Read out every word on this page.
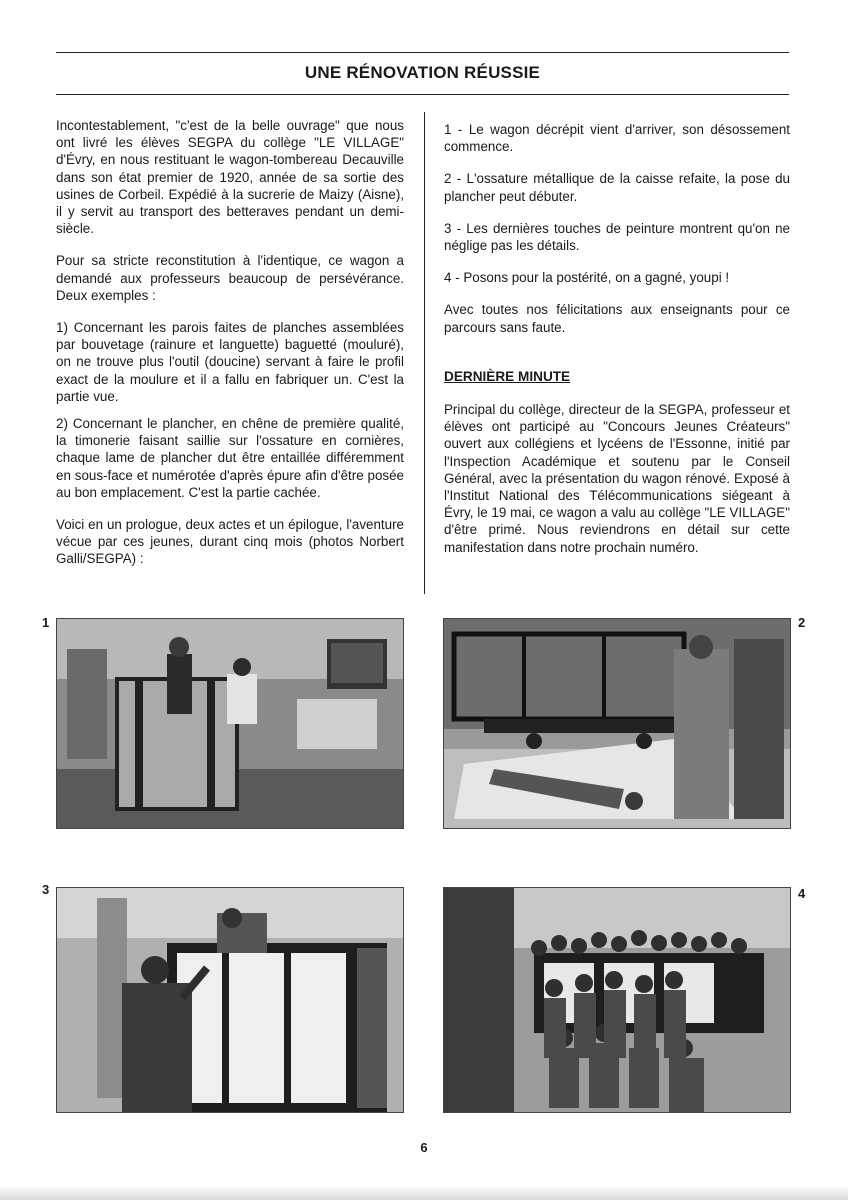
UNE RÉNOVATION RÉUSSIE

Incontestablement, "c'est de la belle ouvrage" que nous ont livré les élèves SEGPA du collège "LE VILLAGE" d'Évry, en nous restituant le wagon-tombereau Decauville dans son état premier de 1920, année de sa sortie des usines de Corbeil. Expédié à la sucrerie de Maizy (Aisne), il y servit au transport des betteraves pendant un demi-siècle.

Pour sa stricte reconstitution à l'identique, ce wagon a demandé aux professeurs beaucoup de persévérance. Deux exemples :

1) Concernant les parois faites de planches assemblées par bouvetage (rainure et languette) baguetté (mouluré), on ne trouve plus l'outil (doucine) servant à faire le profil exact de la moulure et il a fallu en fabriquer un. C'est la partie vue.

2) Concernant le plancher, en chêne de première qualité, la timonerie faisant saillie sur l'ossature en cornières, chaque lame de plancher dut être entaillée différemment en sous-face et numérotée d'après épure afin d'être posée au bon emplacement. C'est la partie cachée.

Voici en un prologue, deux actes et un épilogue, l'aventure vécue par ces jeunes, durant cinq mois (photos Norbert Galli/SEGPA) :

1 - Le wagon décrépit vient d'arriver, son désossement commence.

2 - L'ossature métallique de la caisse refaite, la pose du plancher peut débuter.

3 - Les dernières touches de peinture montrent qu'on ne néglige pas les détails.

4 - Posons pour la postérité, on a gagné, youpi !

Avec toutes nos félicitations aux enseignants pour ce parcours sans faute.

DERNIÈRE MINUTE

Principal du collège, directeur de la SEGPA, professeur et élèves ont participé au "Concours Jeunes Créateurs" ouvert aux collégiens et lycéens de l'Essonne, initié par l'Inspection Académique et soutenu par le Conseil Général, avec la présentation du wagon rénové. Exposé à l'Institut National des Télécommunications siégeant à Évry, le 19 mai, ce wagon a valu au collège "LE VILLAGE" d'être primé. Nous reviendrons en détail sur cette manifestation dans notre prochain numéro.

1	2
3	4
6
